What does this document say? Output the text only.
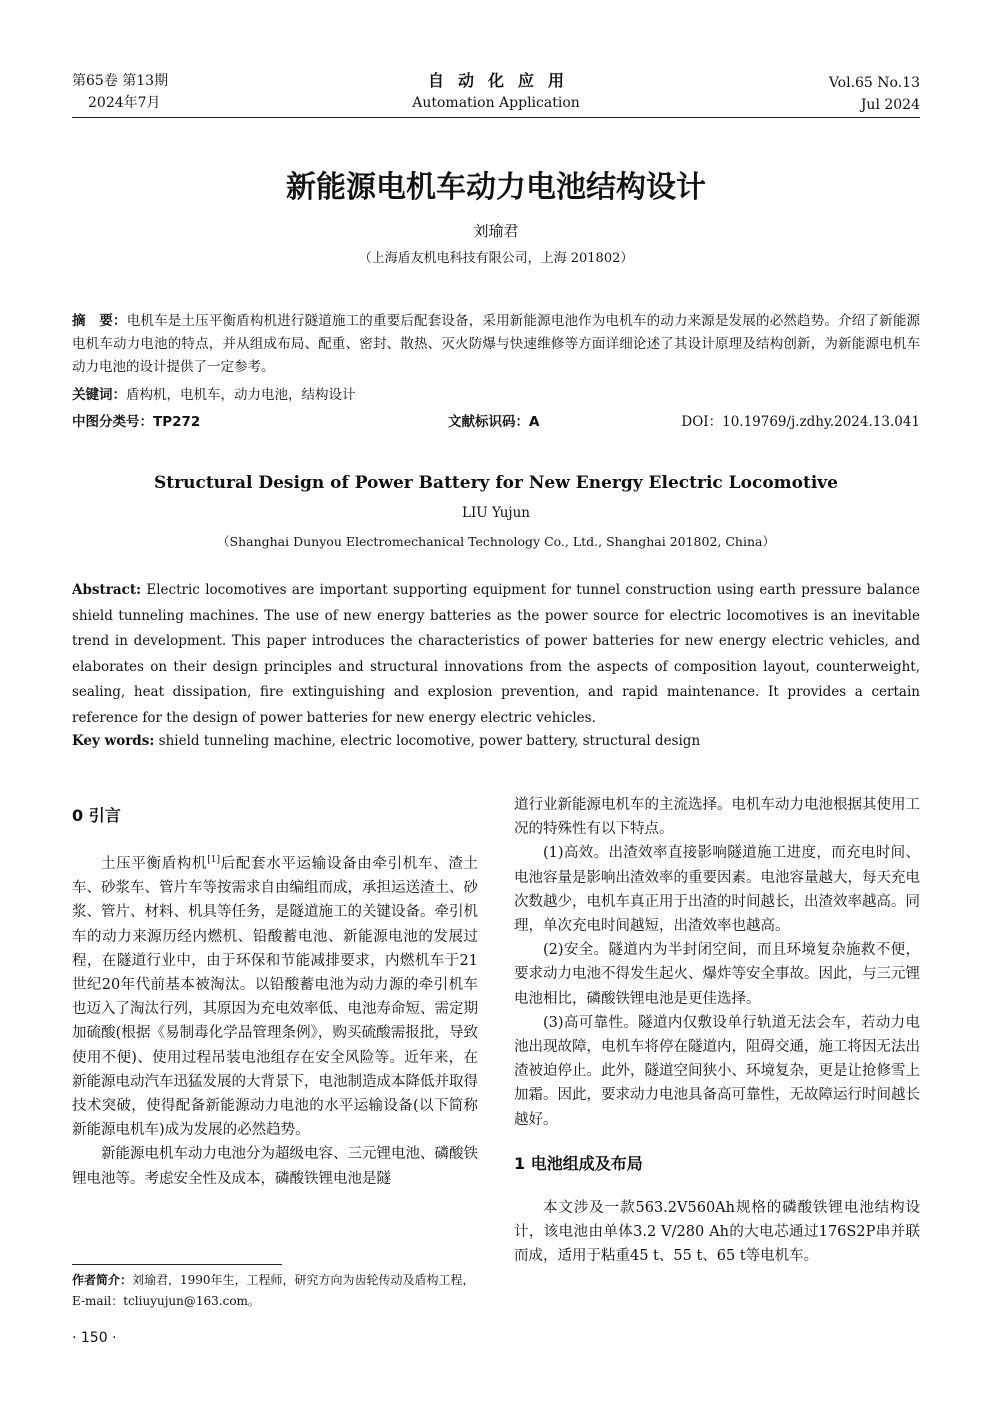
第65卷 第13期
2024年7月
自动化应用
Automation Application
Vol.65 No.13
Jul 2024
新能源电机车动力电池结构设计
刘瑜君
（上海盾友机电科技有限公司，上海 201802）
摘　要：电机车是土压平衡盾构机进行隧道施工的重要后配套设备，采用新能源电池作为电机车的动力来源是发展的必然趋势。介绍了新能源电机车动力电池的特点，并从组成布局、配重、密封、散热、灭火防爆与快速维修等方面详细论述了其设计原理及结构创新，为新能源电机车动力电池的设计提供了一定参考。
关键词：盾构机，电机车，动力电池，结构设计
中图分类号：TP272	文献标识码：A	DOI：10.19769/j.zdhy.2024.13.041
Structural Design of Power Battery for New Energy Electric Locomotive
LIU Yujun
（Shanghai Dunyou Electromechanical Technology Co., Ltd., Shanghai 201802, China）
Abstract: Electric locomotives are important supporting equipment for tunnel construction using earth pressure balance shield tunneling machines. The use of new energy batteries as the power source for electric locomotives is an inevitable trend in development. This paper introduces the characteristics of power batteries for new energy electric vehicles, and elaborates on their design principles and structural innovations from the aspects of composition layout, counterweight, sealing, heat dissipation, fire extinguishing and explosion prevention, and rapid maintenance. It provides a certain reference for the design of power batteries for new energy electric vehicles.
Key words: shield tunneling machine, electric locomotive, power battery, structural design
0 引言

土压平衡盾构机[1]后配套水平运输设备由牵引机车、渣土车、砂浆车、管片车等按需求自由编组而成，承担运送渣土、砂浆、管片、材料、机具等任务，是隧道施工的关键设备。牵引机车的动力来源历经内燃机、铅酸蓄电池、新能源电池的发展过程，在隧道行业中，由于环保和节能减排要求，内燃机车于21世纪20年代前基本被淘汰。以铅酸蓄电池为动力源的牵引机车也迈入了淘汰行列，其原因为充电效率低、电池寿命短、需定期加硫酸(根据《易制毒化学品管理条例》，购买硫酸需报批，导致使用不便)、使用过程吊装电池组存在安全风险等。近年来，在新能源电动汽车迅猛发展的大背景下，电池制造成本降低并取得技术突破，使得配备新能源动力电池的水平运输设备(以下简称新能源电机车)成为发展的必然趋势。

新能源电机车动力电池分为超级电容、三元锂电池、磷酸铁锂电池等。考虑安全性及成本，磷酸铁锂电池是隧

道行业新能源电机车的主流选择。电机车动力电池根据其使用工况的特殊性有以下特点。

(1)高效。出渣效率直接影响隧道施工进度，而充电时间、电池容量是影响出渣效率的重要因素。电池容量越大，每天充电次数越少，电机车真正用于出渣的时间越长，出渣效率越高。同理，单次充电时间越短，出渣效率也越高。

(2)安全。隧道内为半封闭空间，而且环境复杂施救不便，要求动力电池不得发生起火、爆炸等安全事故。因此，与三元锂电池相比，磷酸铁锂电池是更佳选择。

(3)高可靠性。隧道内仅敷设单行轨道无法会车，若动力电池出现故障，电机车将停在隧道内，阻碍交通，施工将因无法出渣被迫停止。此外，隧道空间狭小、环境复杂，更是让抢修雪上加霜。因此，要求动力电池具备高可靠性，无故障运行时间越长越好。

1 电池组成及布局

本文涉及一款563.2V560Ah规格的磷酸铁锂电池结构设计，该电池由单体3.2 V/280 Ah的大电芯通过176S2P串并联而成，适用于粘重45 t、55 t、65 t等电机车。

作者简介：刘瑜君，1990年生，工程师，研究方向为齿轮传动及盾构工程，E-mail：tcliuyujun@163.com。
· 150 ·
